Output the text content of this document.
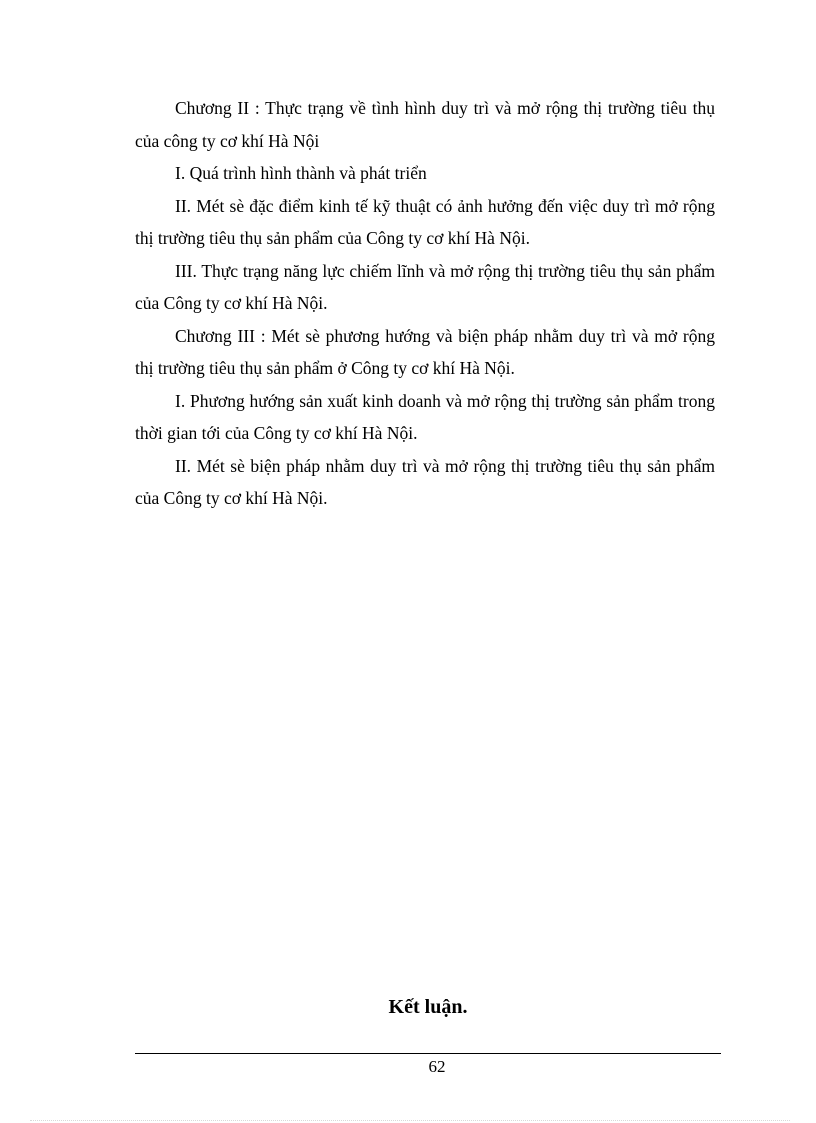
Chương II : Thực trạng về tình hình duy trì và mở rộng thị trường tiêu thụ của công ty cơ khí Hà Nội

I. Quá trình hình thành và phát triển

II. Mét sè đặc điểm kinh tế kỹ thuật có ảnh hưởng đến việc duy trì mở rộng thị trường tiêu thụ sản phẩm của Công ty cơ khí Hà Nội.

III. Thực trạng năng lực chiếm lĩnh và mở rộng thị trường tiêu thụ sản phẩm của Công ty cơ khí Hà Nội.

Chương III : Mét sè phương hướng và biện pháp nhằm duy trì và mở rộng thị trường tiêu thụ sản phẩm ở Công ty cơ khí Hà Nội.

I. Phương hướng sản xuất kinh doanh và mở rộng thị trường sản phẩm trong thời gian tới của Công ty cơ khí Hà Nội.

II. Mét sè biện pháp nhằm duy trì và mở rộng thị trường tiêu thụ sản phẩm của Công ty cơ khí Hà Nội.

Kết luận.

62
